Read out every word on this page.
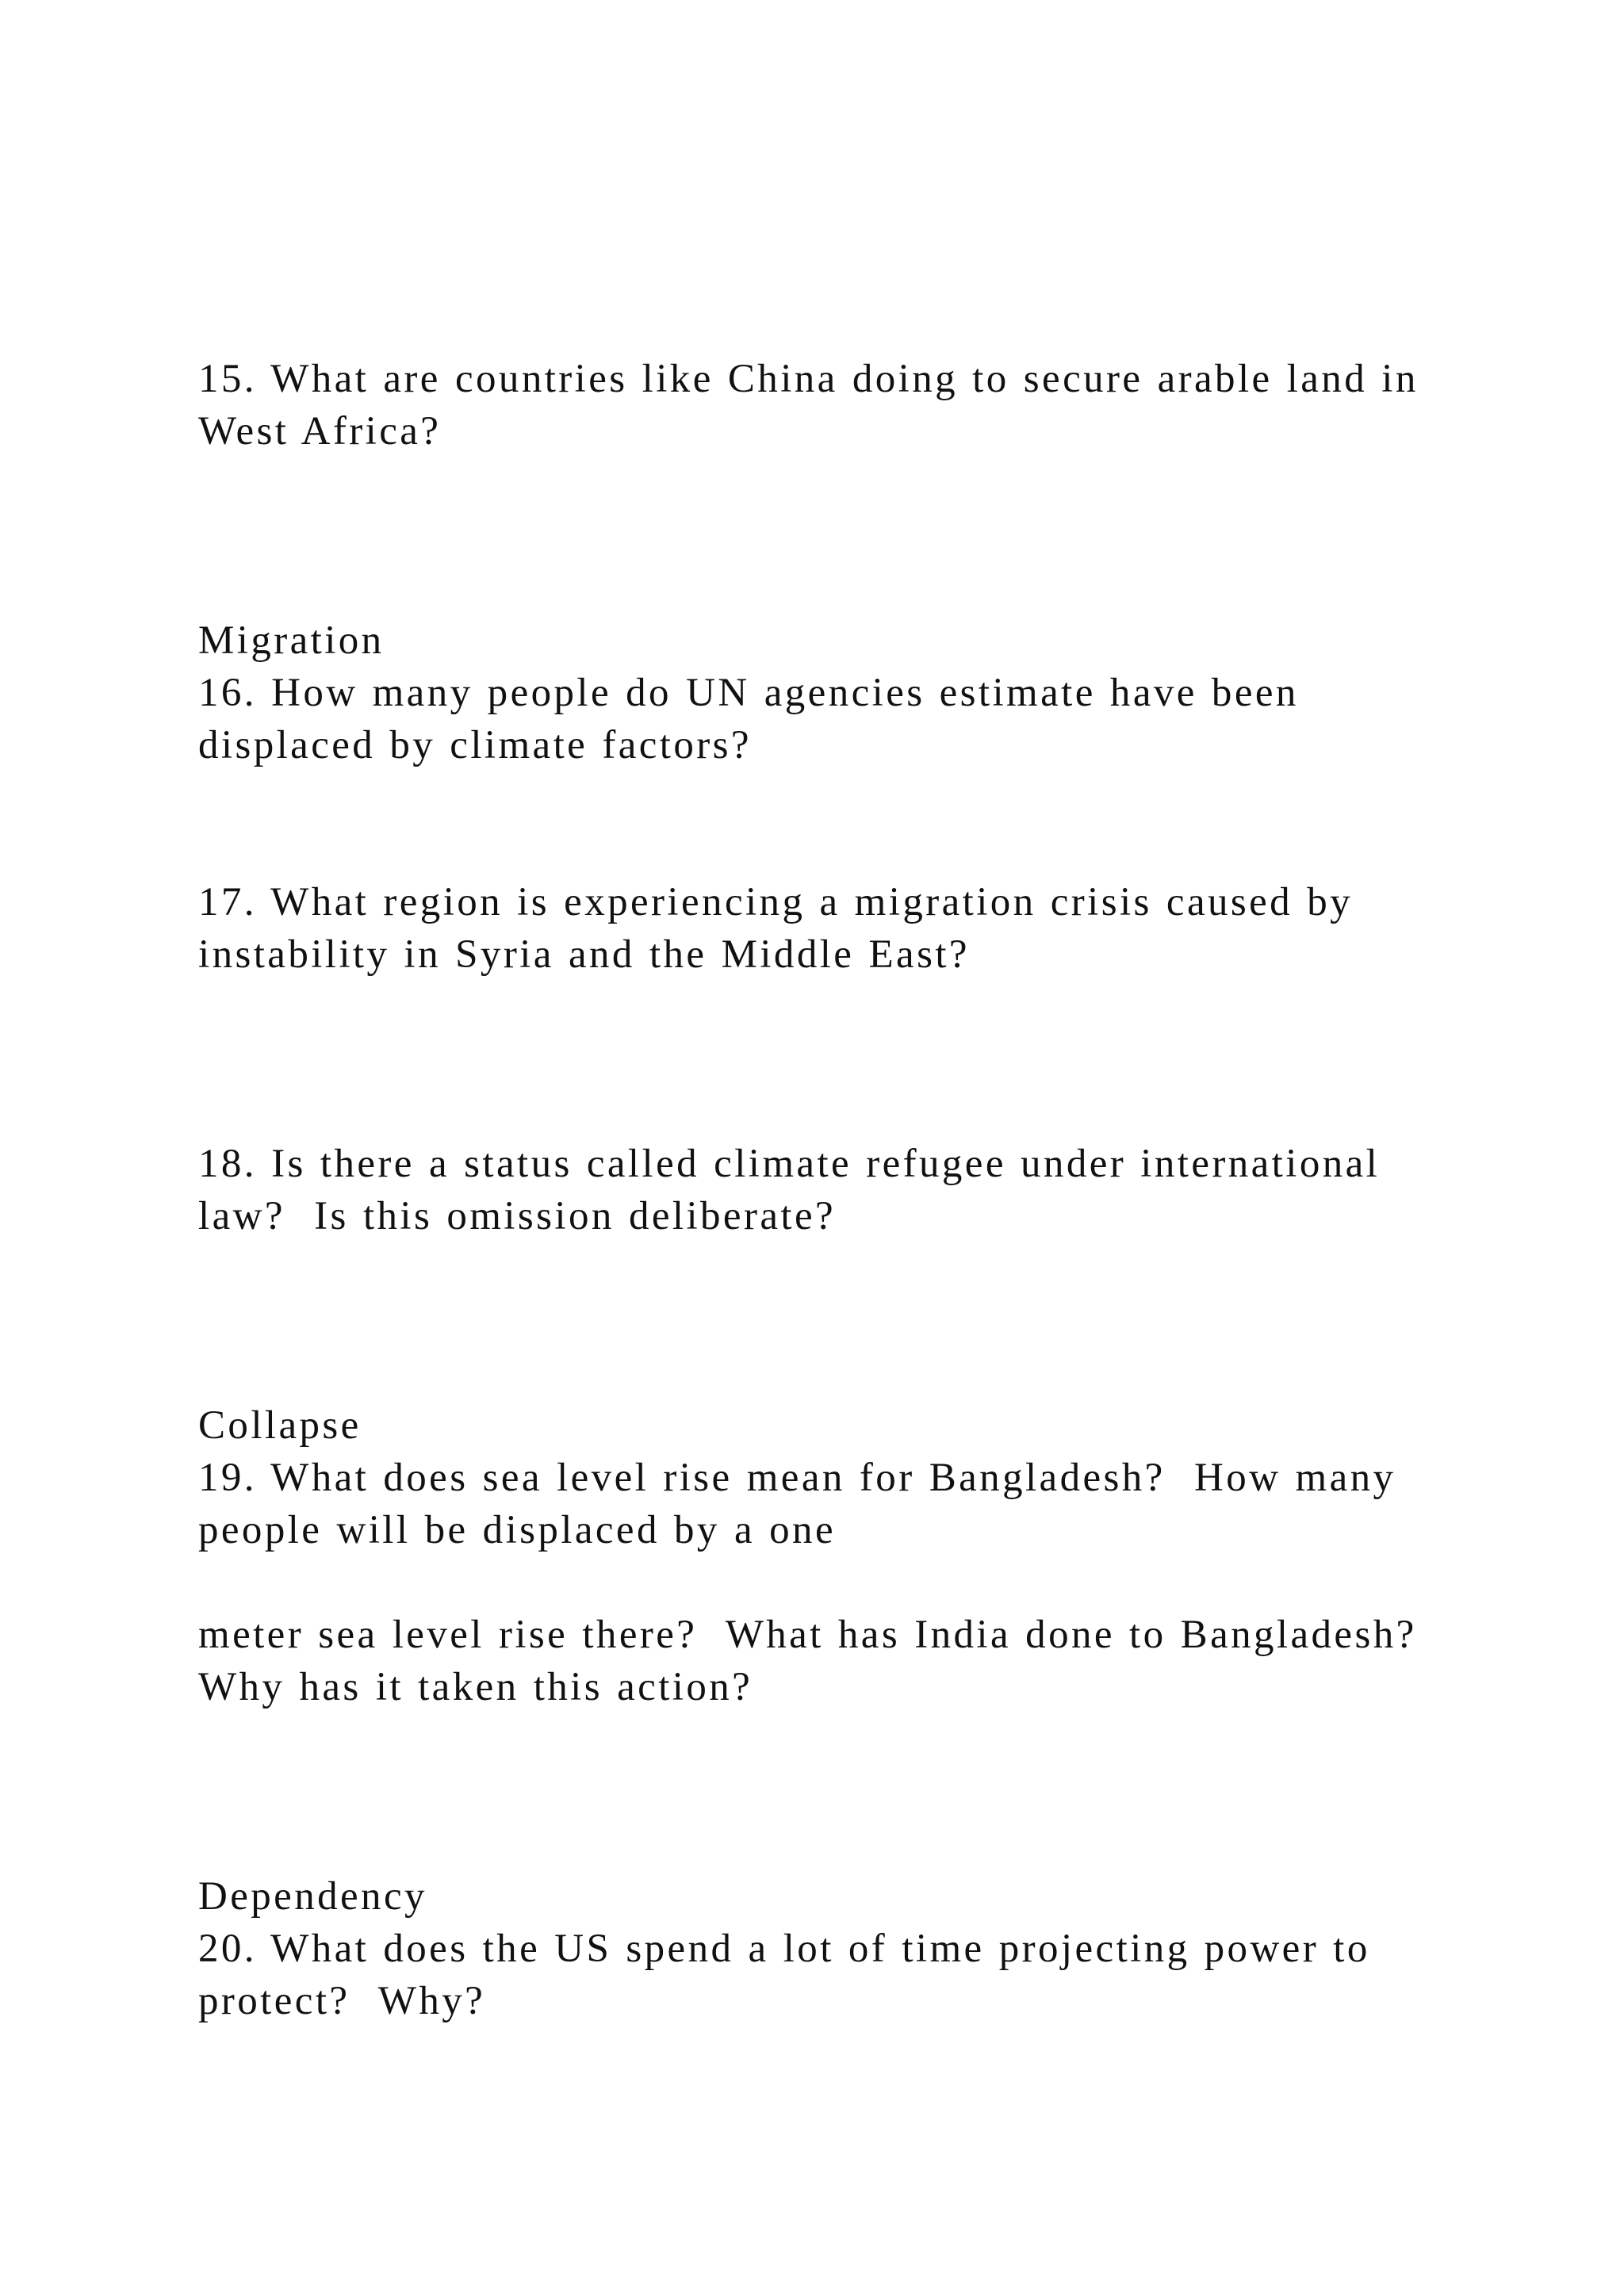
15. What are countries like China doing to secure arable land in

West Africa?

Migration

16. How many people do UN agencies estimate have been

displaced by climate factors?

17. What region is experiencing a migration crisis caused by

instability in Syria and the Middle East?

18. Is there a status called climate refugee under international

law?  Is this omission deliberate?

Collapse

19. What does sea level rise mean for Bangladesh?  How many

people will be displaced by a one

meter sea level rise there?  What has India done to Bangladesh?

Why has it taken this action?

Dependency

20. What does the US spend a lot of time projecting power to

protect?  Why?
